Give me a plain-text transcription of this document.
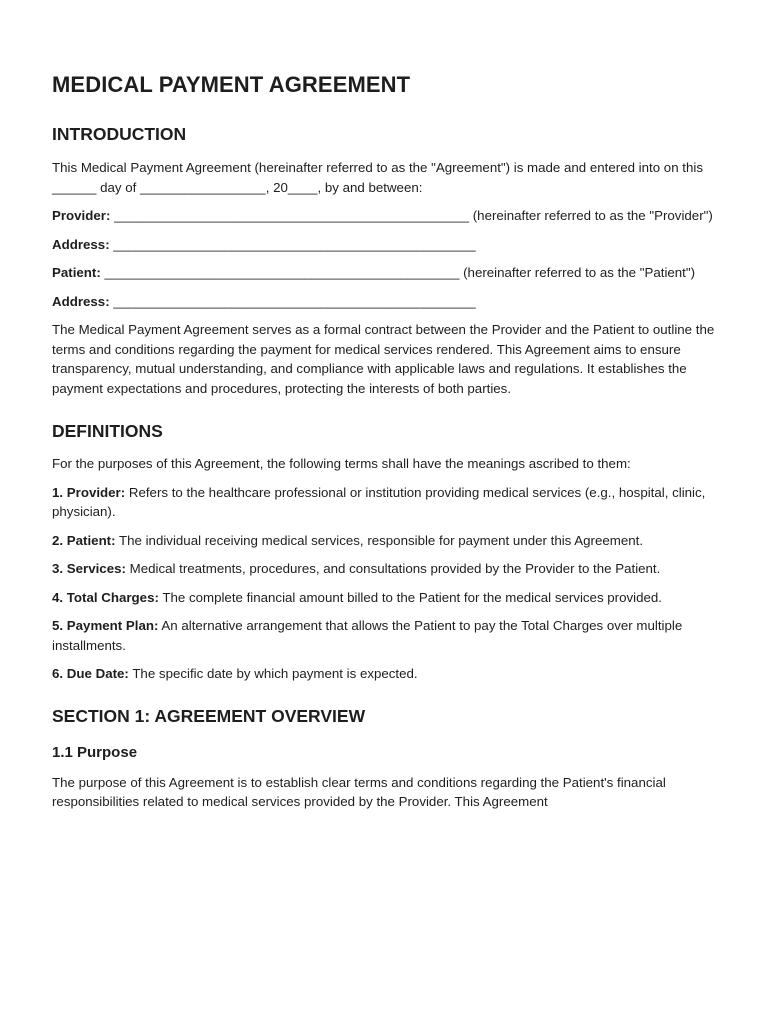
MEDICAL PAYMENT AGREEMENT
INTRODUCTION

This Medical Payment Agreement (hereinafter referred to as the "Agreement") is made and entered into on this ______ day of _________________, 20____, by and between:

Provider: ________________________________________________ (hereinafter referred to as the "Provider")

Address: _________________________________________________

Patient: ________________________________________________ (hereinafter referred to as the "Patient")

Address: _________________________________________________

The Medical Payment Agreement serves as a formal contract between the Provider and the Patient to outline the terms and conditions regarding the payment for medical services rendered. This Agreement aims to ensure transparency, mutual understanding, and compliance with applicable laws and regulations. It establishes the payment expectations and procedures, protecting the interests of both parties.

DEFINITIONS

For the purposes of this Agreement, the following terms shall have the meanings ascribed to them:

1. Provider: Refers to the healthcare professional or institution providing medical services (e.g., hospital, clinic, physician).

2. Patient: The individual receiving medical services, responsible for payment under this Agreement.

3. Services: Medical treatments, procedures, and consultations provided by the Provider to the Patient.

4. Total Charges: The complete financial amount billed to the Patient for the medical services provided.

5. Payment Plan: An alternative arrangement that allows the Patient to pay the Total Charges over multiple installments.

6. Due Date: The specific date by which payment is expected.

SECTION 1: AGREEMENT OVERVIEW
1.1 Purpose

The purpose of this Agreement is to establish clear terms and conditions regarding the Patient's financial responsibilities related to medical services provided by the Provider. This Agreement
